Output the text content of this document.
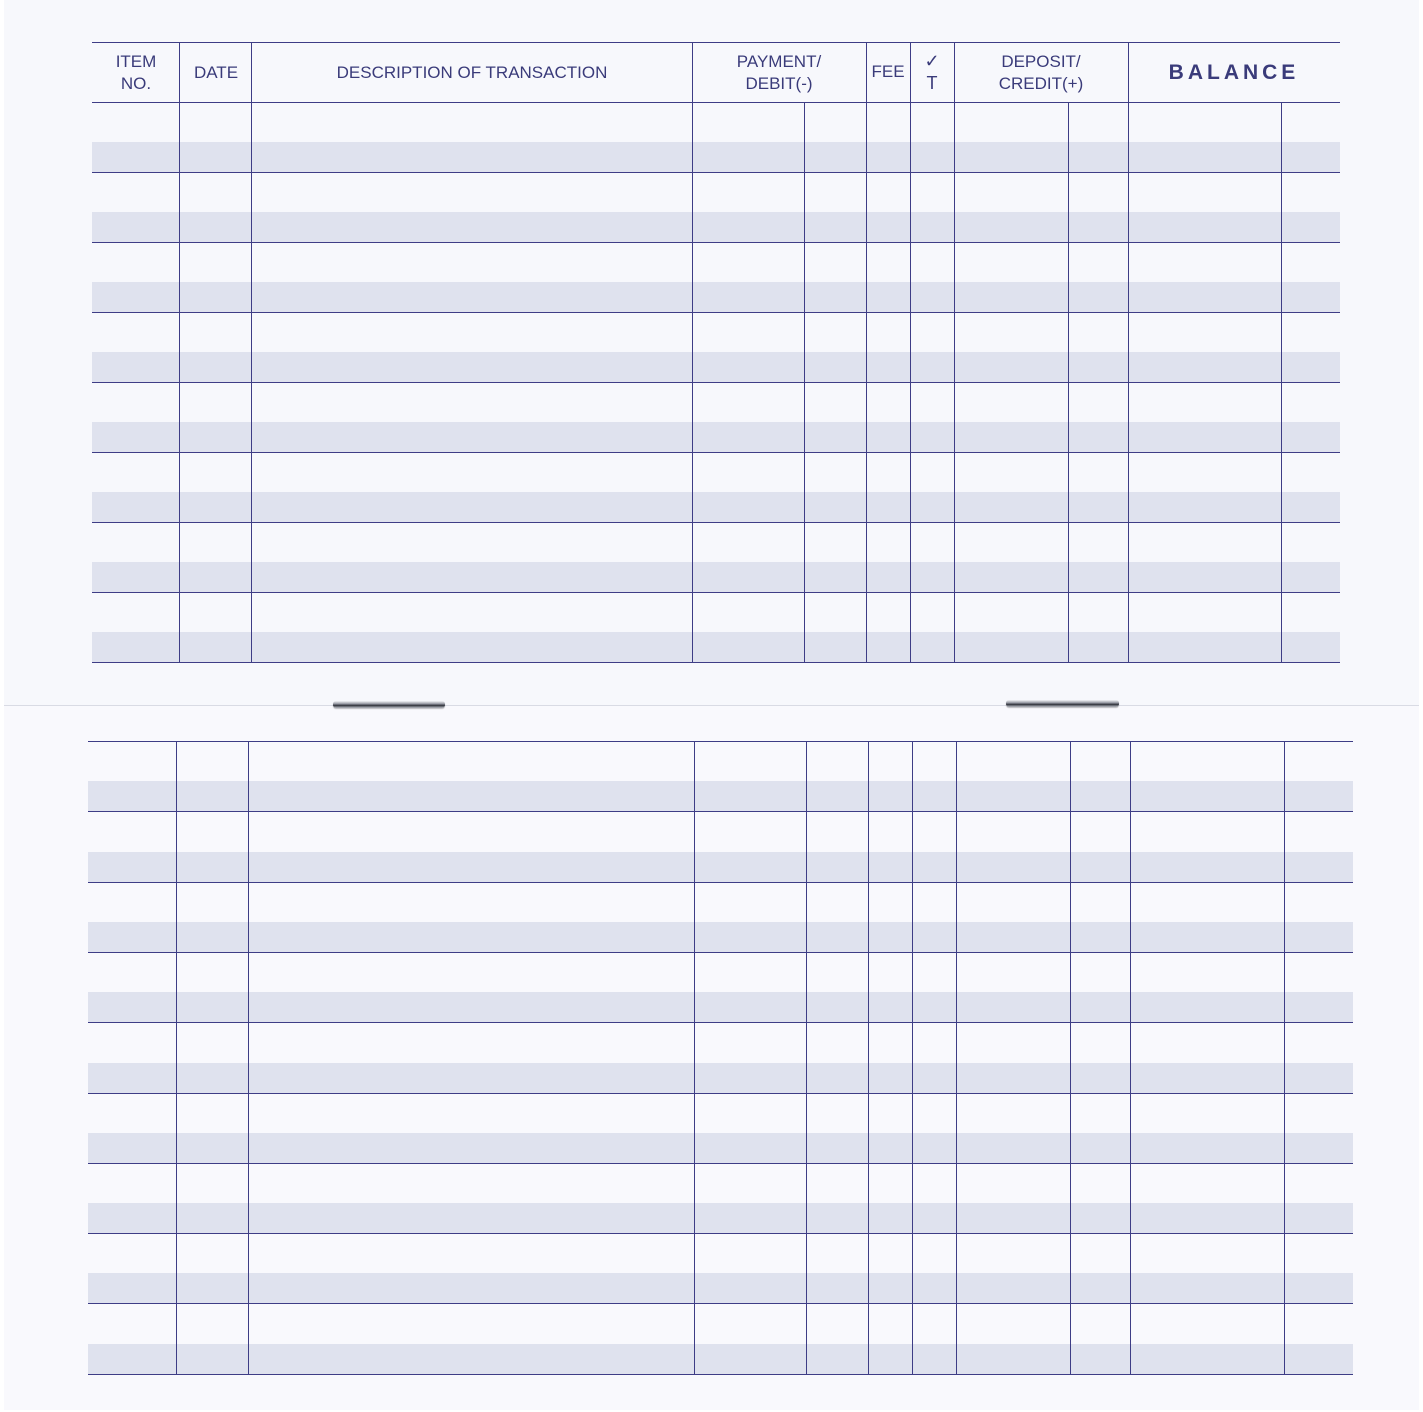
ITEM
NO.
DATE	DESCRIPTION OF TRANSACTION
PAYMENT/
DEBIT(-)
FEE
✓
T
DEPOSIT/
CREDIT(+)	BALANCE
